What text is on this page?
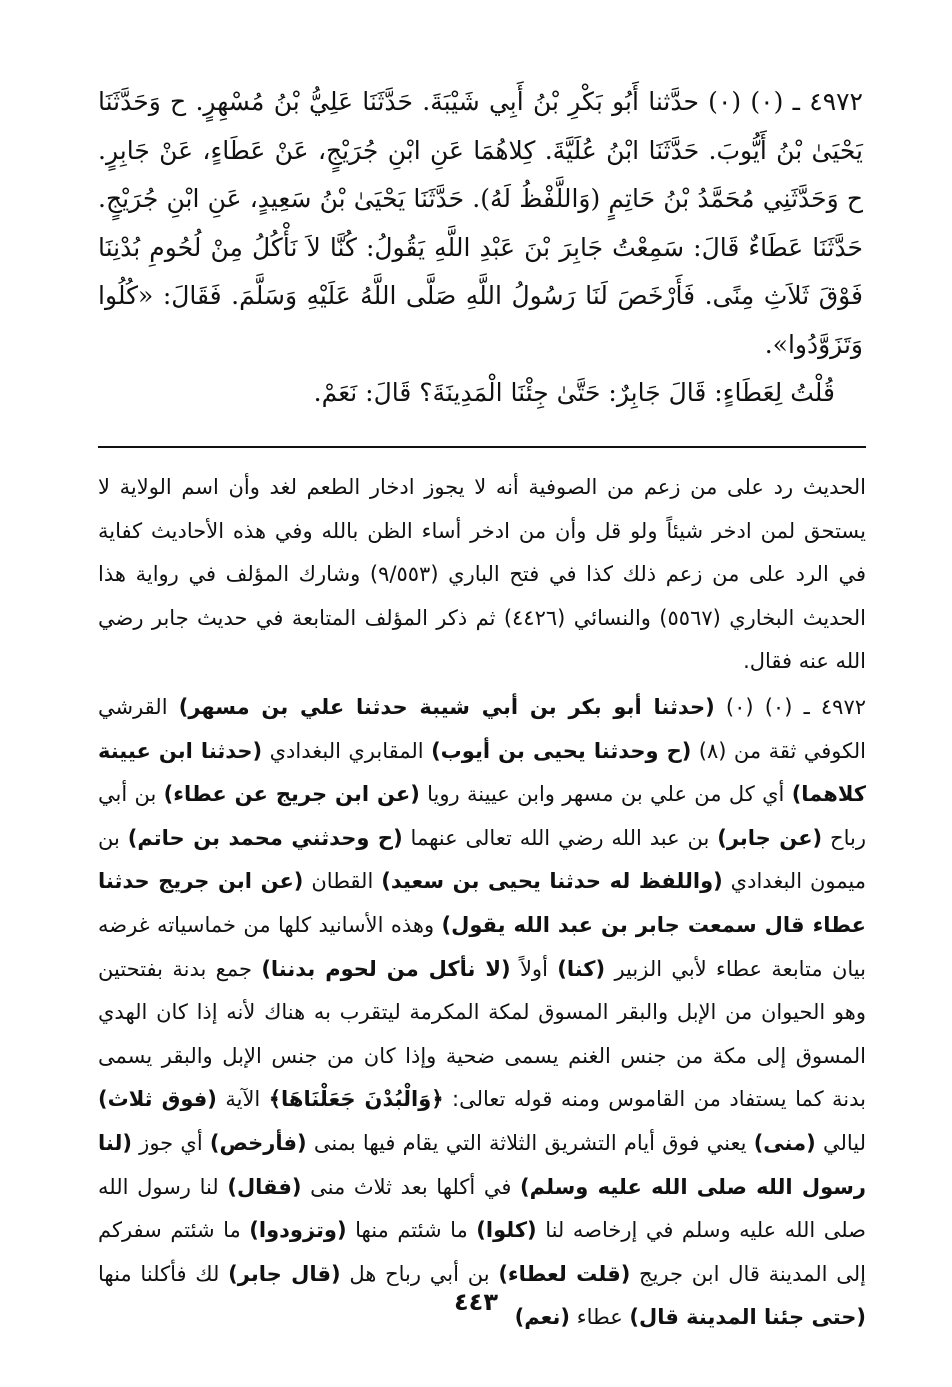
٤٩٧٢ ـ (٠) (٠) حدَّثنا أَبُو بَكْرِ بْنُ أَبِي شَيْبَةَ. حَدَّثَنَا عَلِيُّ بْنُ مُسْهِرٍ. ح وَحَدَّثَنَا يَحْيَىٰ بْنُ أَيُّوبَ. حَدَّثَنَا ابْنُ عُلَيَّةَ. كِلاهُمَا عَنِ ابْنِ جُرَيْجٍ، عَنْ عَطَاءٍ، عَنْ جَابِرٍ. ح وَحَدَّثَنِي مُحَمَّدُ بْنُ حَاتِمٍ (وَاللَّفْظُ لَهُ). حَدَّثَنَا يَحْيَىٰ بْنُ سَعِيدٍ، عَنِ ابْنِ جُرَيْجٍ. حَدَّثَنَا عَطَاءٌ قَالَ: سَمِعْتُ جَابِرَ بْنَ عَبْدِ اللَّهِ يَقُولُ: كُنَّا لاَ نَأْكُلُ مِنْ لُحُومِ بُدْنِنَا فَوْقَ ثَلاَثِ مِنًى. فَأَرْخَصَ لَنَا رَسُولُ اللَّهِ صَلَّى اللَّهُ عَلَيْهِ وَسَلَّمَ. فَقَالَ: «كُلُوا وَتَزَوَّدُوا».

قُلْتُ لِعَطَاءٍ: قَالَ جَابِرٌ: حَتَّىٰ جِئْنَا الْمَدِينَةَ؟ قَالَ: نَعَمْ.

الحديث رد على من زعم من الصوفية أنه لا يجوز ادخار الطعم لغد وأن اسم الولاية لا يستحق لمن ادخر شيئاً ولو قل وأن من ادخر أساء الظن بالله وفي هذه الأحاديث كفاية في الرد على من زعم ذلك كذا في فتح الباري (٩/٥٥٣) وشارك المؤلف في رواية هذا الحديث البخاري (٥٥٦٧) والنسائي (٤٤٢٦) ثم ذكر المؤلف المتابعة في حديث جابر رضي الله عنه فقال.

٤٩٧٢ ـ (٠) (٠) (حدثنا أبو بكر بن أبي شيبة حدثنا علي بن مسهر) القرشي الكوفي ثقة من (٨) (ح وحدثنا يحيى بن أيوب) المقابري البغدادي (حدثنا ابن عيينة كلاهما) أي كل من علي بن مسهر وابن عيينة رويا (عن ابن جريج عن عطاء) بن أبي رباح (عن جابر) بن عبد الله رضي الله تعالى عنهما (ح وحدثني محمد بن حاتم) بن ميمون البغدادي (واللفظ له حدثنا يحيى بن سعيد) القطان (عن ابن جريج حدثنا عطاء قال سمعت جابر بن عبد الله يقول) وهذه الأسانيد كلها من خماسياته غرضه بيان متابعة عطاء لأبي الزبير (كنا) أولاً (لا نأكل من لحوم بدننا) جمع بدنة بفتحتين وهو الحيوان من الإبل والبقر المسوق لمكة المكرمة ليتقرب به هناك لأنه إذا كان الهدي المسوق إلى مكة من جنس الغنم يسمى ضحية وإذا كان من جنس الإبل والبقر يسمى بدنة كما يستفاد من القاموس ومنه قوله تعالى: ﴿وَالْبُدْنَ جَعَلْنَاهَا﴾ الآية (فوق ثلاث) ليالي (منى) يعني فوق أيام التشريق الثلاثة التي يقام فيها بمنى (فأرخص) أي جوز (لنا رسول الله صلى الله عليه وسلم) في أكلها بعد ثلاث منى (فقال) لنا رسول الله صلى الله عليه وسلم في إرخاصه لنا (كلوا) ما شئتم منها (وتزودوا) ما شئتم سفركم إلى المدينة قال ابن جريج (قلت لعطاء) بن أبي رباح هل (قال جابر) لك فأكلنا منها (حتى جئنا المدينة قال) عطاء (نعم)

٤٤٣
